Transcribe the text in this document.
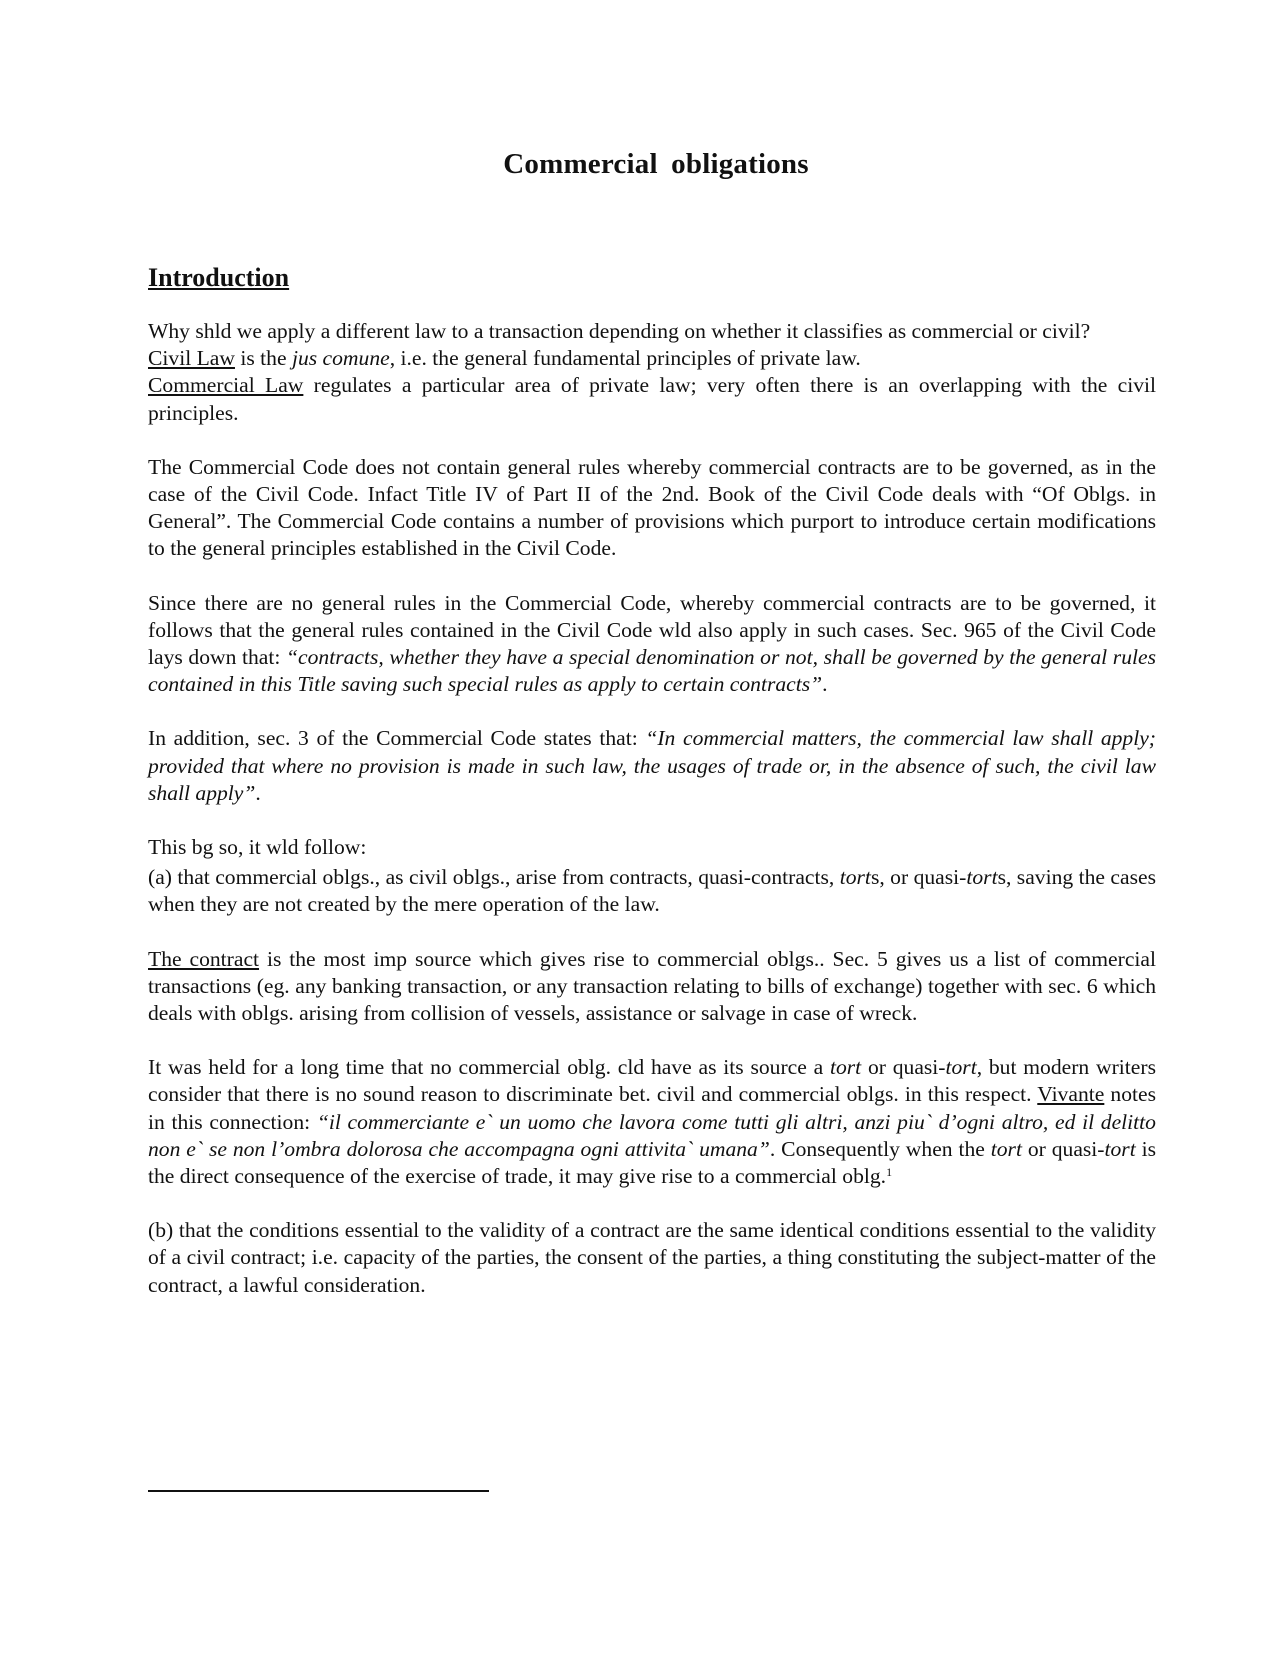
Commercial obligations
Introduction

Why shld we apply a different law to a transaction depending on whether it classifies as commercial or civil?

Civil Law is the jus comune, i.e. the general fundamental principles of private law.

Commercial Law regulates a particular area of private law; very often there is an overlapping with the civil principles.

The Commercial Code does not contain general rules whereby commercial contracts are to be governed, as in the case of the Civil Code. Infact Title IV of Part II of the 2nd. Book of the Civil Code deals with “Of Oblgs. in General”. The Commercial Code contains a number of provisions which purport to introduce certain modifications to the general principles established in the Civil Code.

Since there are no general rules in the Commercial Code, whereby commercial contracts are to be governed, it follows that the general rules contained in the Civil Code wld also apply in such cases. Sec. 965 of the Civil Code lays down that: “contracts, whether they have a special denomination or not, shall be governed by the general rules contained in this Title saving such special rules as apply to certain contracts”.

In addition, sec. 3 of the Commercial Code states that: “In commercial matters, the commercial law shall apply; provided that where no provision is made in such law, the usages of trade or, in the absence of such, the civil law shall apply”.

This bg so, it wld follow:

(a) that commercial oblgs., as civil oblgs., arise from contracts, quasi-contracts, torts, or quasi-torts, saving the cases when they are not created by the mere operation of the law.

The contract is the most imp source which gives rise to commercial oblgs.. Sec. 5 gives us a list of commercial transactions (eg. any banking transaction, or any transaction relating to bills of exchange) together with sec. 6 which deals with oblgs. arising from collision of vessels, assistance or salvage in case of wreck.

It was held for a long time that no commercial oblg. cld have as its source a tort or quasi-tort, but modern writers consider that there is no sound reason to discriminate bet. civil and commercial oblgs. in this respect. Vivante notes in this connection: “il commerciante e` un uomo che lavora come tutti gli altri, anzi piu` d’ogni altro, ed il delitto non e` se non l’ombra dolorosa che accompagna ogni attivita` umana”. Consequently when the tort or quasi-tort is the direct consequence of the exercise of trade, it may give rise to a commercial oblg.$^1$

(b) that the conditions essential to the validity of a contract are the same identical conditions essential to the validity of a civil contract; i.e. capacity of the parties, the consent of the parties, a thing constituting the subject-matter of the contract, a lawful consideration.
